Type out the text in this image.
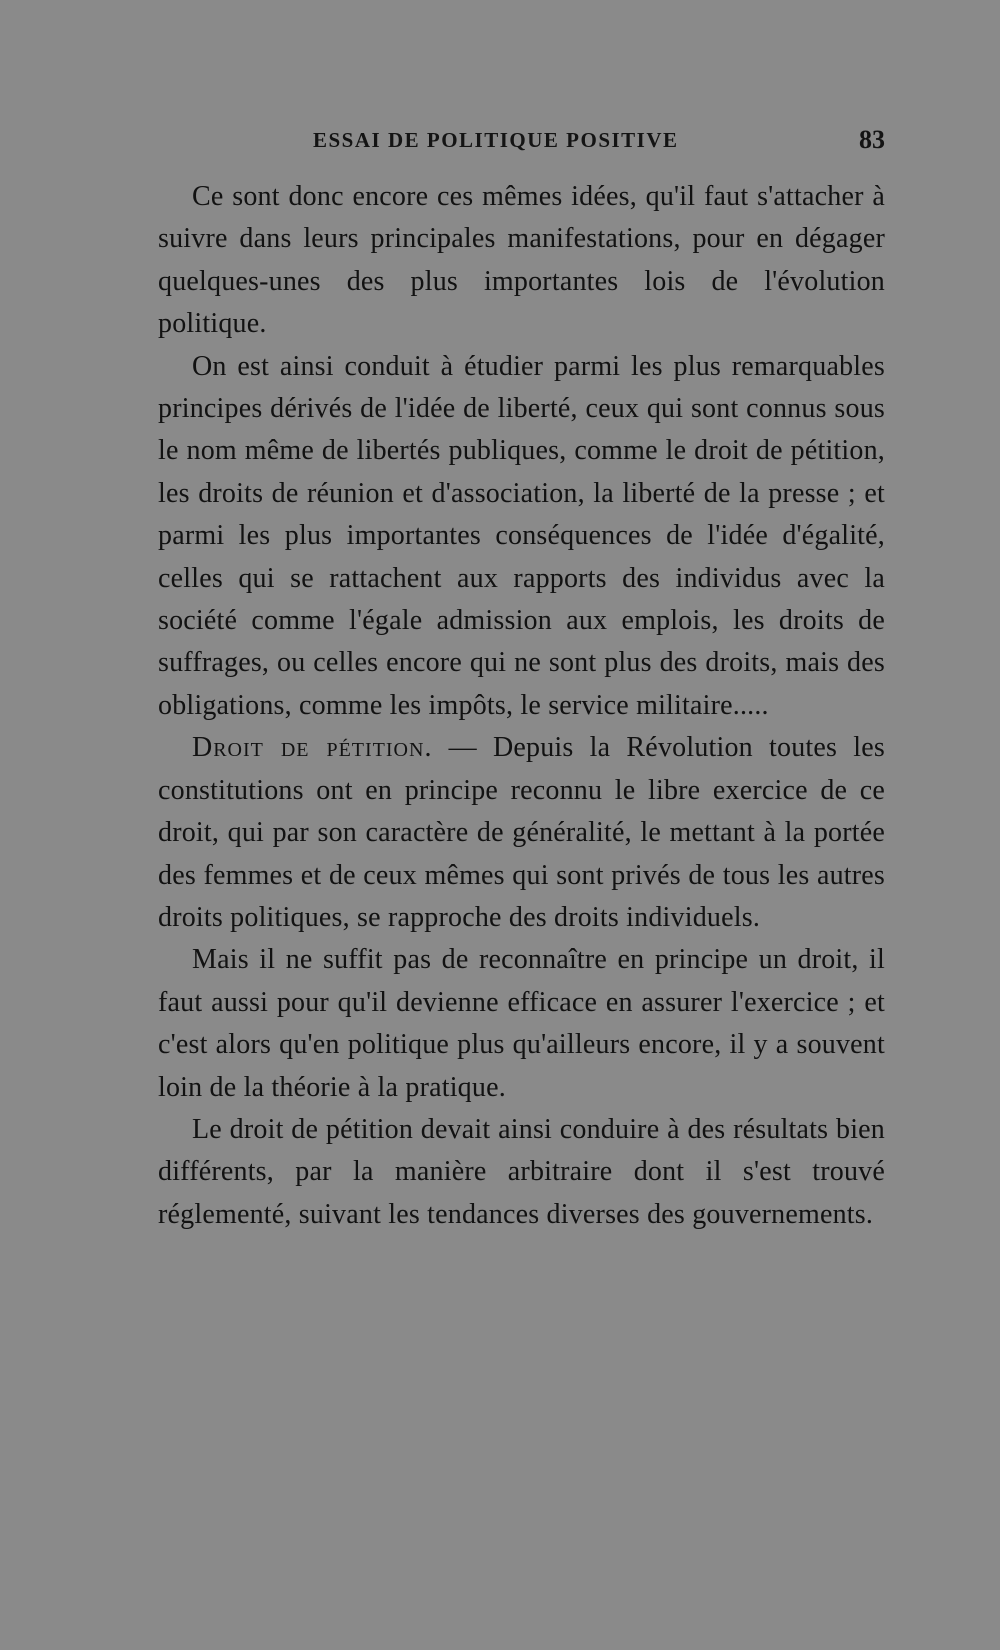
ESSAI DE POLITIQUE POSITIVE	83

Ce sont donc encore ces mêmes idées, qu'il faut s'attacher à suivre dans leurs principales manifestations, pour en dégager quelques-unes des plus importantes lois de l'évolution politique.

On est ainsi conduit à étudier parmi les plus remarquables principes dérivés de l'idée de liberté, ceux qui sont connus sous le nom même de libertés publiques, comme le droit de pétition, les droits de réunion et d'association, la liberté de la presse ; et parmi les plus importantes conséquences de l'idée d'égalité, celles qui se rattachent aux rapports des individus avec la société comme l'égale admission aux emplois, les droits de suffrages, ou celles encore qui ne sont plus des droits, mais des obligations, comme les impôts, le service militaire.....

Droit de pétition. — Depuis la Révolution toutes les constitutions ont en principe reconnu le libre exercice de ce droit, qui par son caractère de généralité, le mettant à la portée des femmes et de ceux mêmes qui sont privés de tous les autres droits politiques, se rapproche des droits individuels.

Mais il ne suffit pas de reconnaître en principe un droit, il faut aussi pour qu'il devienne efficace en assurer l'exercice ; et c'est alors qu'en politique plus qu'ailleurs encore, il y a souvent loin de la théorie à la pratique.

Le droit de pétition devait ainsi conduire à des résultats bien différents, par la manière arbitraire dont il s'est trouvé réglementé, suivant les tendances diverses des gouvernements.
